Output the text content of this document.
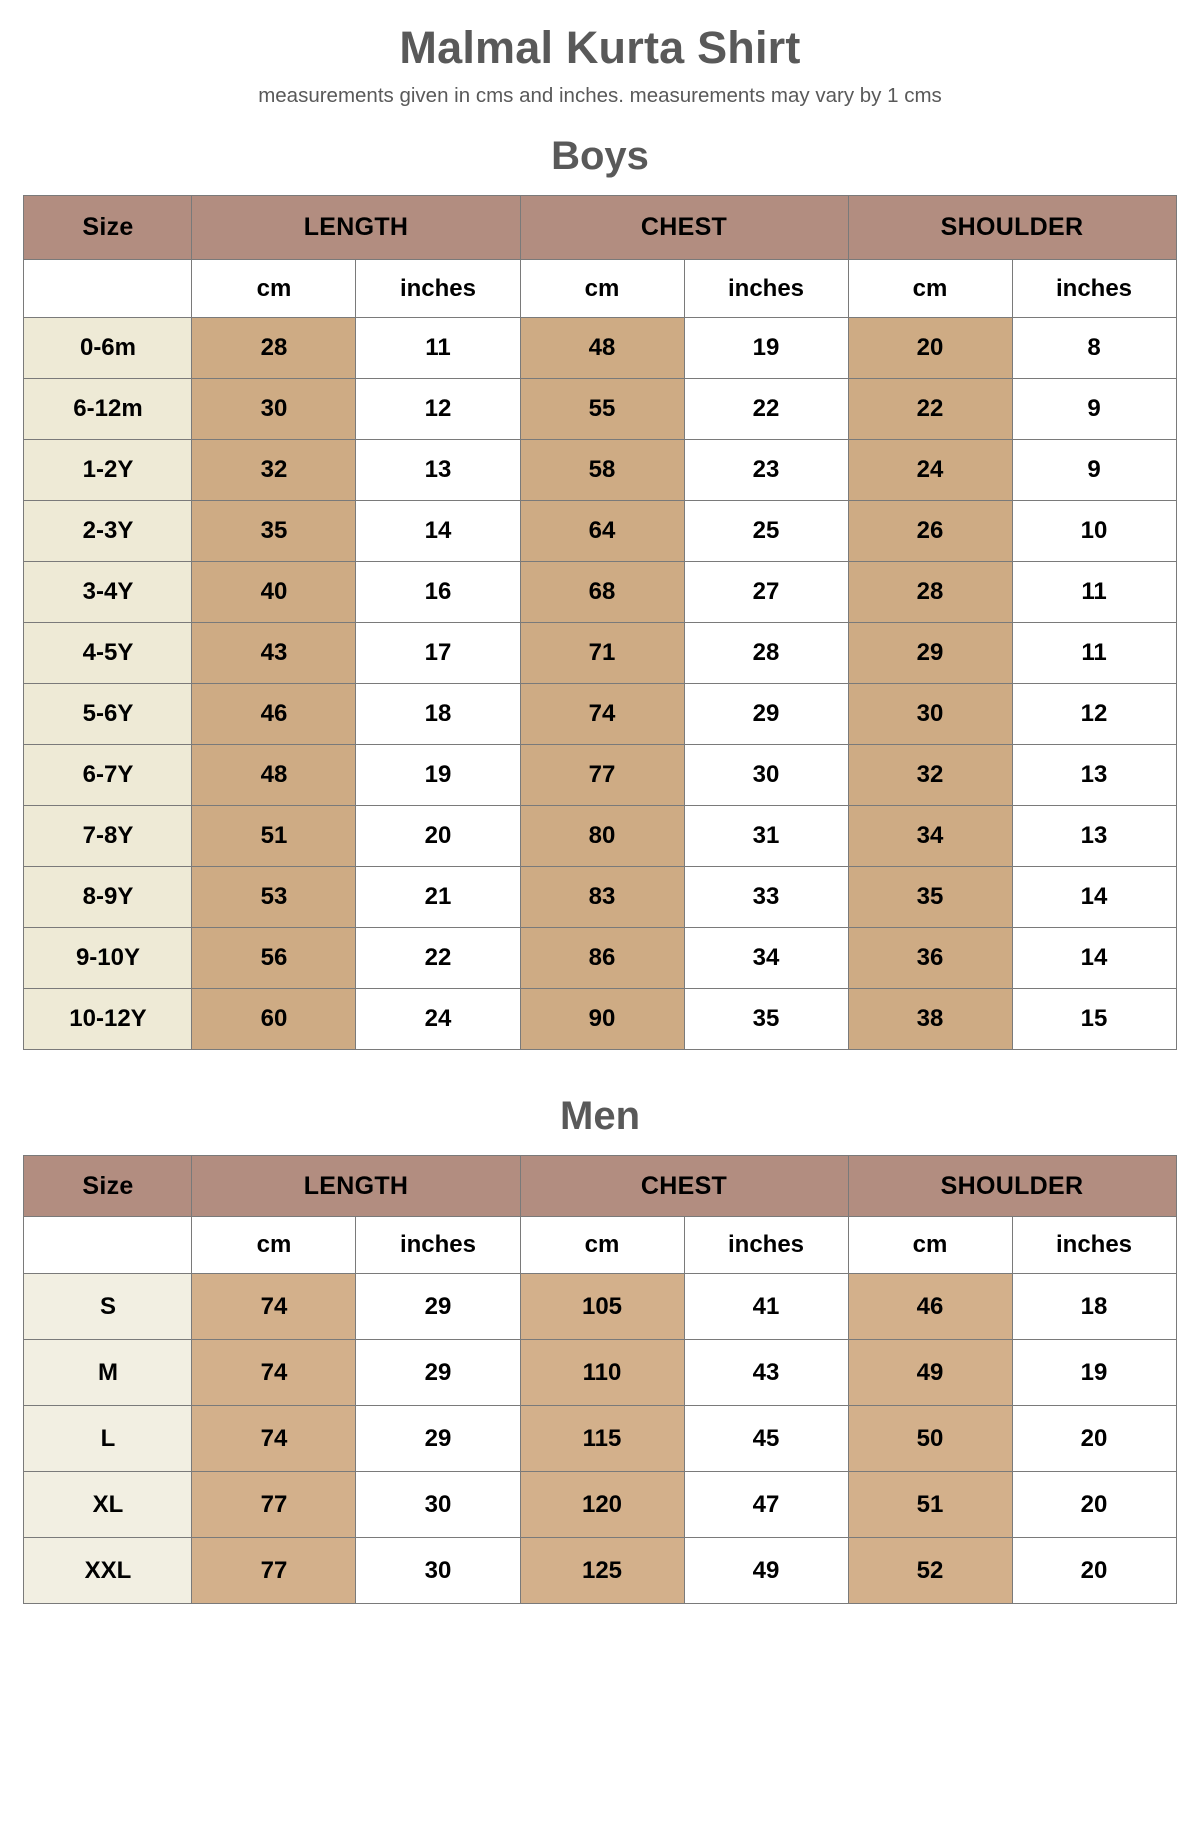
Malmal Kurta Shirt

measurements given in cms and inches. measurements may vary by 1 cms

Boys
Size	LENGTH		CHEST		SHOULDER	
	cm	inches	cm	inches	cm	inches
0-6m	28	11	48	19	20	8
6-12m	30	12	55	22	22	9
1-2Y	32	13	58	23	24	9
2-3Y	35	14	64	25	26	10
3-4Y	40	16	68	27	28	11
4-5Y	43	17	71	28	29	11
5-6Y	46	18	74	29	30	12
6-7Y	48	19	77	30	32	13
7-8Y	51	20	80	31	34	13
8-9Y	53	21	83	33	35	14
9-10Y	56	22	86	34	36	14
10-12Y	60	24	90	35	38	15
Men
Size	LENGTH		CHEST		SHOULDER	
	cm	inches	cm	inches	cm	inches
S	74	29	105	41	46	18
M	74	29	110	43	49	19
L	74	29	115	45	50	20
XL	77	30	120	47	51	20
XXL	77	30	125	49	52	20
